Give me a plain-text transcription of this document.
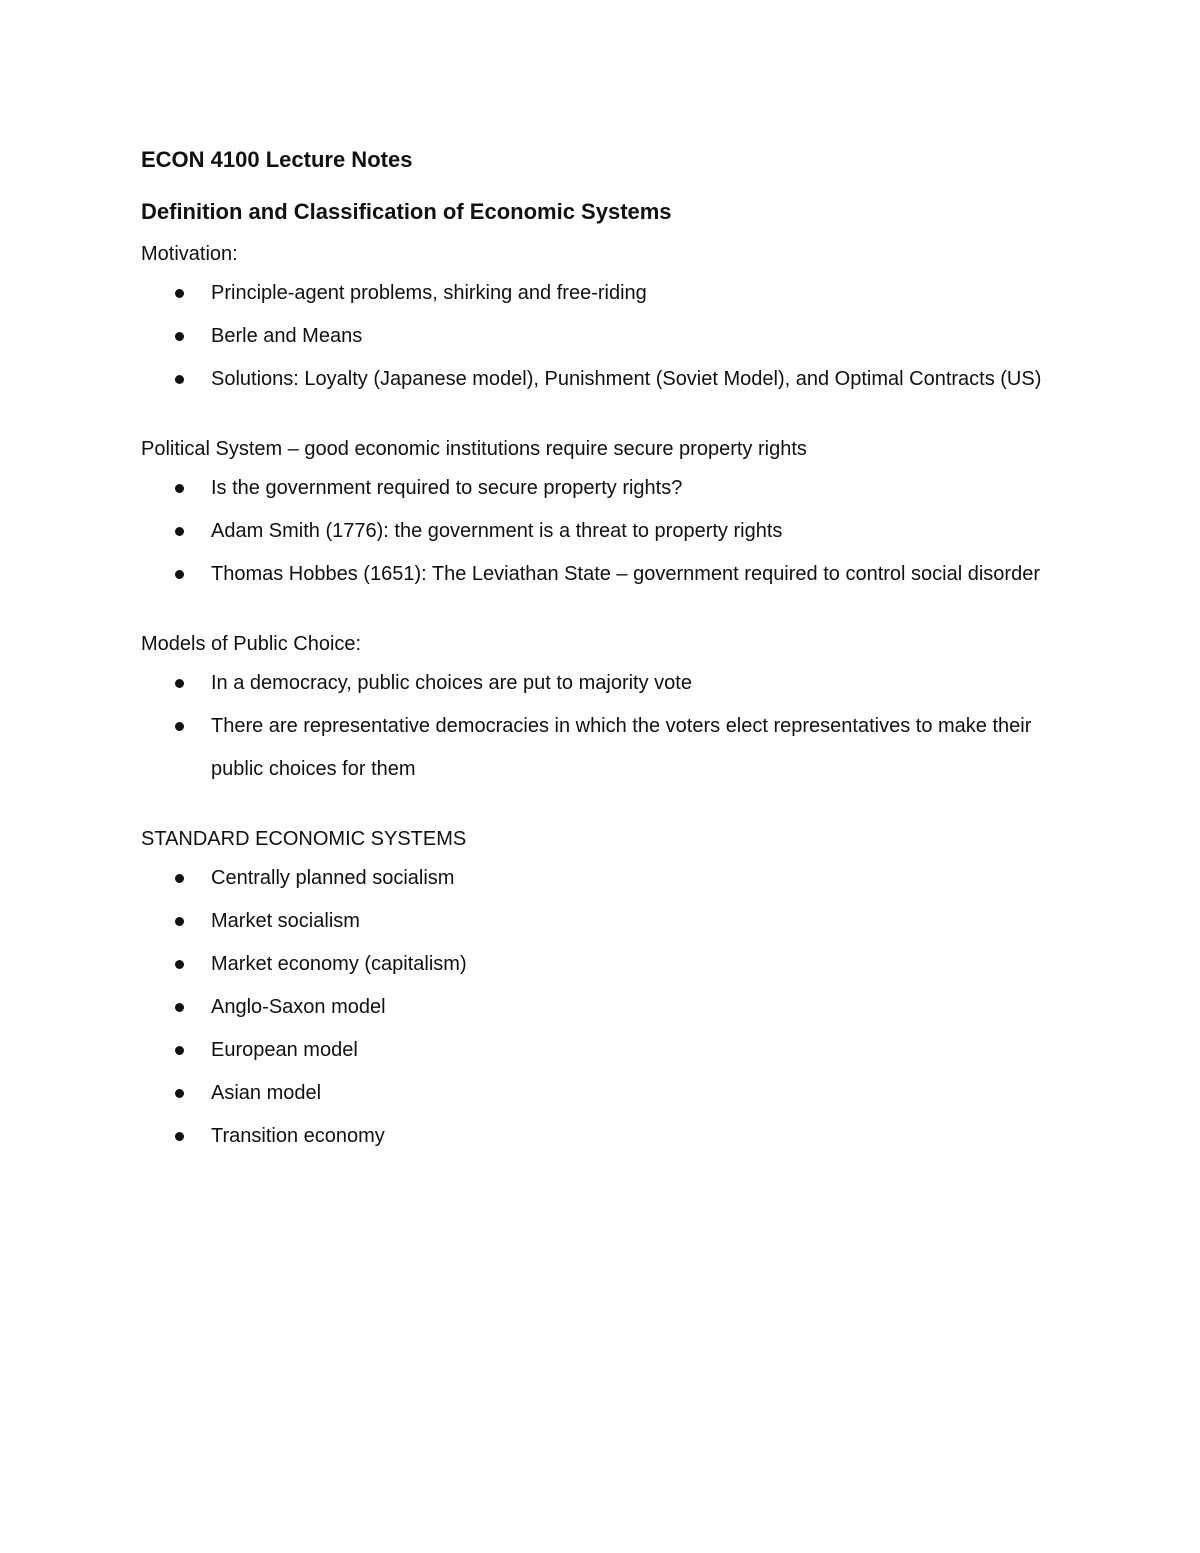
ECON 4100 Lecture Notes
Definition and Classification of Economic Systems
Motivation:
Principle-agent problems, shirking and free-riding
Berle and Means
Solutions: Loyalty (Japanese model), Punishment (Soviet Model), and Optimal Contracts (US)
Political System – good economic institutions require secure property rights
Is the government required to secure property rights?
Adam Smith (1776): the government is a threat to property rights
Thomas Hobbes (1651): The Leviathan State – government required to control social disorder
Models of Public Choice:
In a democracy, public choices are put to majority vote
There are representative democracies in which the voters elect representatives to make their public choices for them
STANDARD ECONOMIC SYSTEMS
Centrally planned socialism
Market socialism
Market economy (capitalism)
Anglo-Saxon model
European model
Asian model
Transition economy
